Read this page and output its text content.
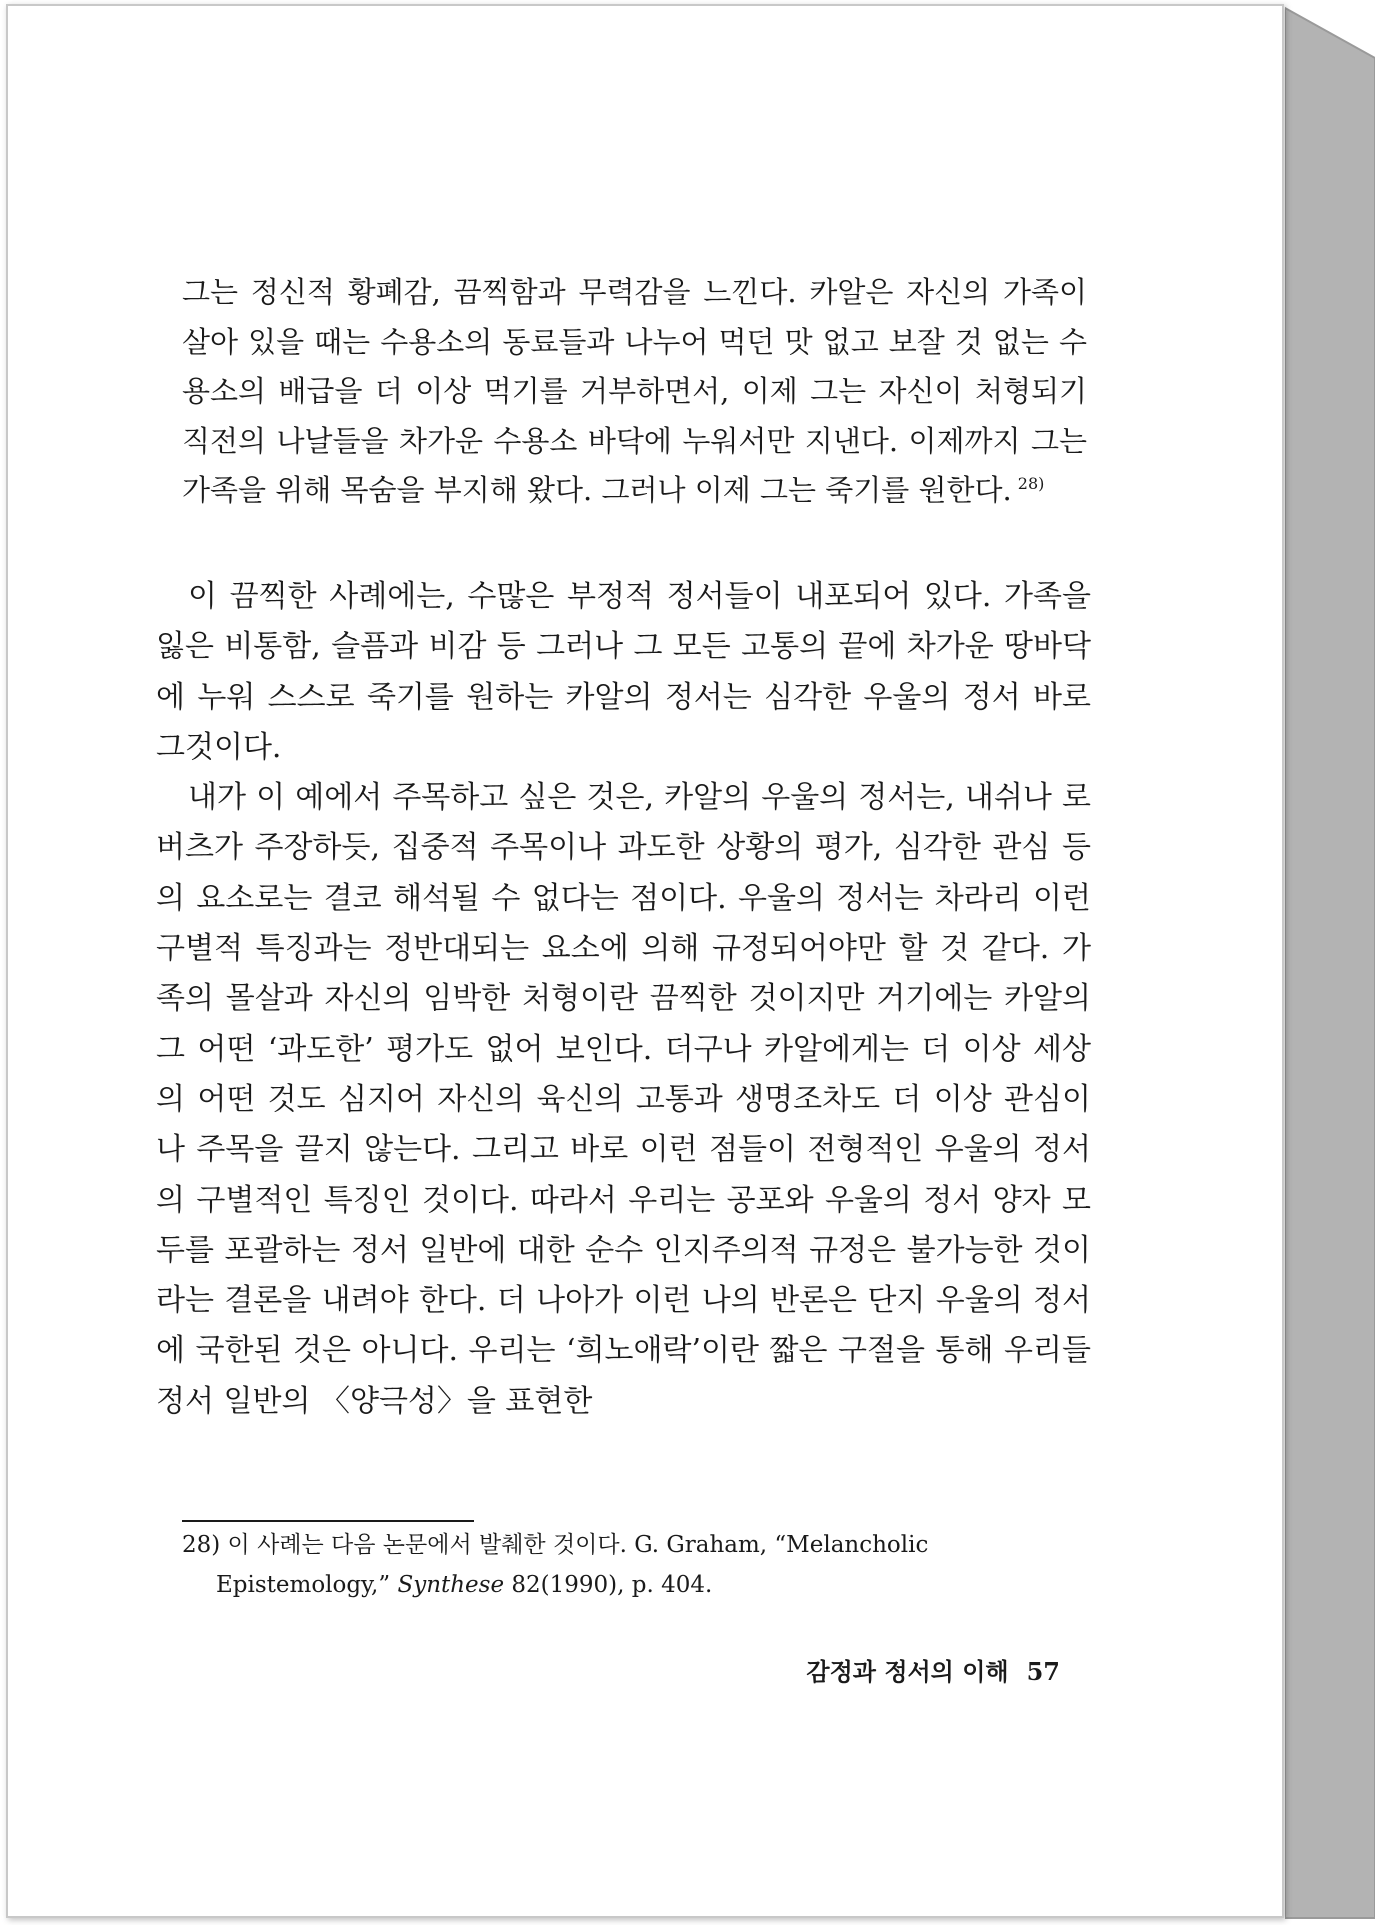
그는 정신적 황폐감, 끔찍함과 무력감을 느낀다. 카알은 자신의 가족이 살아 있을 때는 수용소의 동료들과 나누어 먹던 맛 없고 보잘 것 없는 수용소의 배급을 더 이상 먹기를 거부하면서, 이제 그는 자신이 처형되기 직전의 나날들을 차가운 수용소 바닥에 누워서만 지낸다. 이제까지 그는 가족을 위해 목숨을 부지해 왔다. 그러나 이제 그는 죽기를 원한다. $^{28)}$

이 끔찍한 사례에는, 수많은 부정적 정서들이 내포되어 있다. 가족을 잃은 비통함, 슬픔과 비감 등 그러나 그 모든 고통의 끝에 차가운 땅바닥에 누워 스스로 죽기를 원하는 카알의 정서는 심각한 우울의 정서 바로 그것이다.

내가 이 예에서 주목하고 싶은 것은, 카알의 우울의 정서는, 내쉬나 로버츠가 주장하듯, 집중적 주목이나 과도한 상황의 평가, 심각한 관심 등의 요소로는 결코 해석될 수 없다는 점이다. 우울의 정서는 차라리 이런 구별적 특징과는 정반대되는 요소에 의해 규정되어야만 할 것 같다. 가족의 몰살과 자신의 임박한 처형이란 끔찍한 것이지만 거기에는 카알의 그 어떤 ‘과도한’ 평가도 없어 보인다. 더구나 카알에게는 더 이상 세상의 어떤 것도 심지어 자신의 육신의 고통과 생명조차도 더 이상 관심이나 주목을 끌지 않는다. 그리고 바로 이런 점들이 전형적인 우울의 정서의 구별적인 특징인 것이다. 따라서 우리는 공포와 우울의 정서 양자 모두를 포괄하는 정서 일반에 대한 순수 인지주의적 규정은 불가능한 것이라는 결론을 내려야 한다. 더 나아가 이런 나의 반론은 단지 우울의 정서에 국한된 것은 아니다. 우리는 ‘희노애락’이란 짧은 구절을 통해 우리들 정서 일반의 〈양극성〉을 표현한

28) 이 사례는 다음 논문에서 발췌한 것이다. G. Graham, “Melancholic
Epistemology,” Synthese 82(1990), p. 404.
감정과 정서의 이해 57
